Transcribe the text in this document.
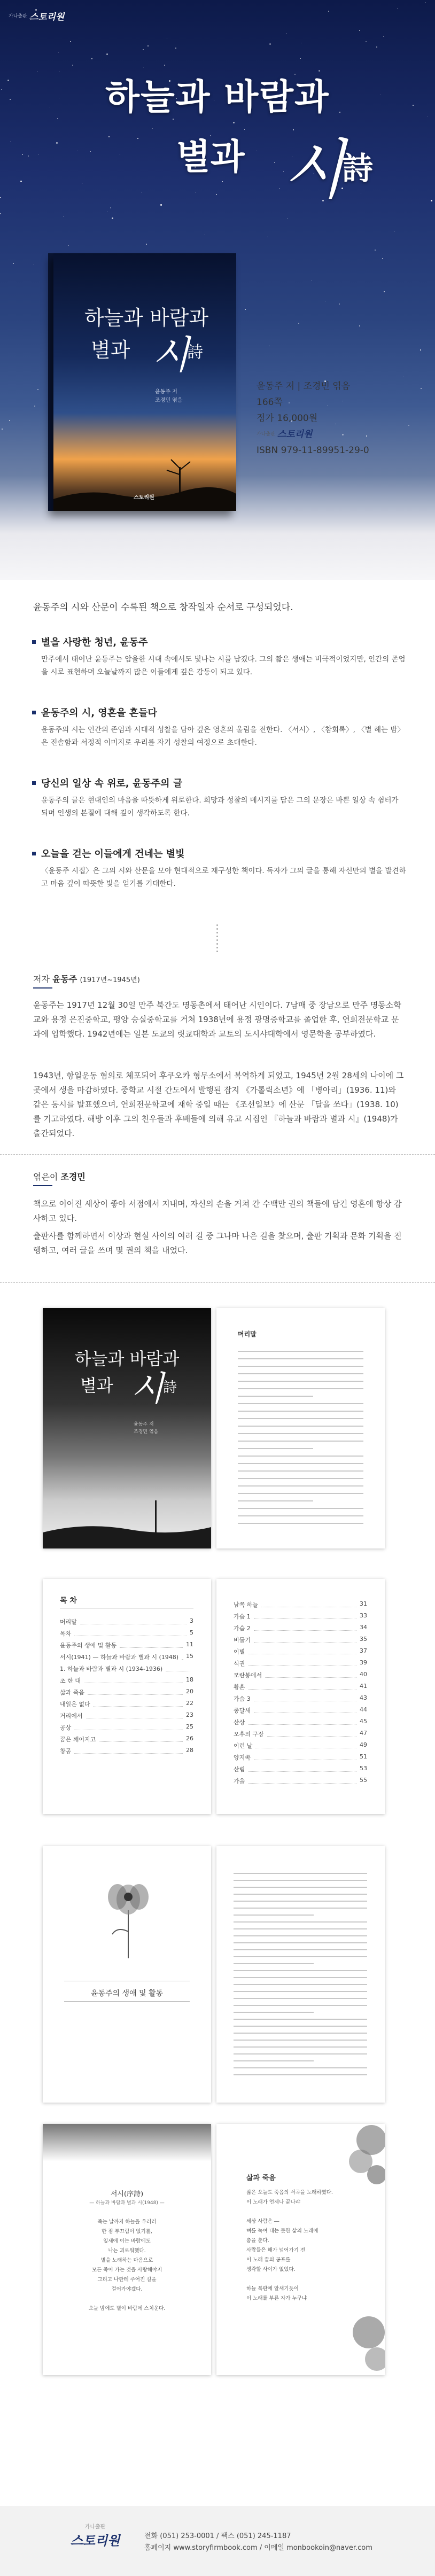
가나출판 스토리원
하늘과 바람과
별과 시
詩
하늘과 바람과
별과 시
詩
윤동주 저
조경민 엮음
스토리원
윤동주 저 | 조경민 엮음
166쪽
정가 16,000원
가나출판 스토리원
ISBN 979-11-89951-29-0
윤동주의 시와 산문이 수록된 책으로 창작일자 순서로 구성되었다.
별을 사랑한 청년, 윤동주
만주에서 태어난 윤동주는 암울한 시대 속에서도 빛나는 시를 남겼다. 그의 짧은 생애는 비극적이었지만, 인간의 존엄을 시로 표현하며 오늘날까지 많은 이들에게 깊은 감동이 되고 있다.
윤동주의 시, 영혼을 흔들다
윤동주의 시는 인간의 존엄과 시대적 성찰을 담아 깊은 영혼의 울림을 전한다. 〈서시〉, 〈참회록〉, 〈별 헤는 밤〉은 진솔함과 서정적 이미지로 우리를 자기 성찰의 여정으로 초대한다.
당신의 일상 속 위로, 윤동주의 글
윤동주의 글은 현대인의 마음을 따뜻하게 위로한다. 희망과 성찰의 메시지를 담은 그의 문장은 바쁜 일상 속 쉼터가 되며 인생의 본질에 대해 깊이 생각하도록 한다.
오늘을 걷는 이들에게 건네는 별빛
〈윤동주 시집〉은 그의 시와 산문을 모아 현대적으로 재구성한 책이다. 독자가 그의 글을 통해 자신만의 별을 발견하고 마음 깊이 따뜻한 빛을 얻기를 기대한다.
저자 윤동주 (1917년~1945년)
윤동주는 1917년 12월 30일 만주 북간도 명동촌에서 태어난 시인이다. 7남매 중 장남으로 만주 명동소학교와 용정 은진중학교, 평양 숭실중학교를 거쳐 1938년에 용정 광명중학교를 졸업한 후, 연희전문학교 문과에 입학했다. 1942년에는 일본 도쿄의 릿쿄대학과 교토의 도시샤대학에서 영문학을 공부하였다.
1943년, 항일운동 혐의로 체포되어 후쿠오카 형무소에서 복역하게 되었고, 1945년 2월 28세의 나이에 그곳에서 생을 마감하였다. 중학교 시절 간도에서 발행된 잡지 《가톨릭소년》에 「병아리」(1936. 11)와 같은 동시를 발표했으며, 연희전문학교에 재학 중일 때는 《조선일보》에 산문 「달을 쏘다」(1938. 10)를 기고하였다. 해방 이후 그의 친우들과 후배들에 의해 유고 시집인 『하늘과 바람과 별과 시』(1948)가 출간되었다.
엮은이 조경민
책으로 이어진 세상이 좋아 서점에서 지내며, 자신의 손을 거쳐 간 수백만 권의 책들에 담긴 영혼에 항상 감사하고 있다.
출판사를 함께하면서 이상과 현실 사이의 여러 길 중 그나마 나은 길을 찾으며, 출판 기획과 문화 기획을 진행하고, 여러 글을 쓰며 몇 권의 책을 내었다.
하늘과 바람과
별과 시
詩
윤동주 저
조경민 엮음
머리말
목 차
머리말	3
목차	5
윤동주의 생애 및 활동	11
서시(1941) — 하늘과 바람과 별과 시 (1948) 15
1. 하늘과 바람과 별과 시 (1934-1936)
초 한 대	18
삶과 죽음	20
내일은 없다	22
거리에서	23
공상	25
꿈은 깨어지고	26
창공	28
남쪽 하늘	31
가슴 1	33
가슴 2	34
비둘기	35
이별	37
식권	39
모란봉에서	40
황혼	41
가슴 3	43
종달새	44
산상	45
오후의 구장	47
이런 날	49
양지쪽	51
산림	53
가을	55
윤동주의 생애 및 활동
서시(序詩)
— 하늘과 바람과 별과 시(1948) —
죽는 날까지 하늘을 우러러
한 점 부끄럼이 없기를,
잎새에 이는 바람에도
나는 괴로워했다.
별을 노래하는 마음으로
모든 죽어 가는 것을 사랑해야지
그리고 나한테 주어진 길을
걸어가야겠다.
오늘 밤에도 별이 바람에 스치운다.
삶과 죽음
삶은 오늘도 죽음의 서곡을 노래하였다.
이 노래가 언제나 끝나랴
세상 사람은 ―
뼈를 녹여 내는 듯한 삶의 노래에
춤을 춘다.
사람들은 해가 넘어가기 전
이 노래 끝의 공포를
생각할 사이가 없었다.
하늘 복판에 알새기듯이
이 노래를 부른 자가 누구냐
가나출판
스토리원	전화 (051) 253-0001 / 팩스 (051) 245-1187
홈페이지 www.storyfirmbook.com / 이메일 monbookoin@naver.com
